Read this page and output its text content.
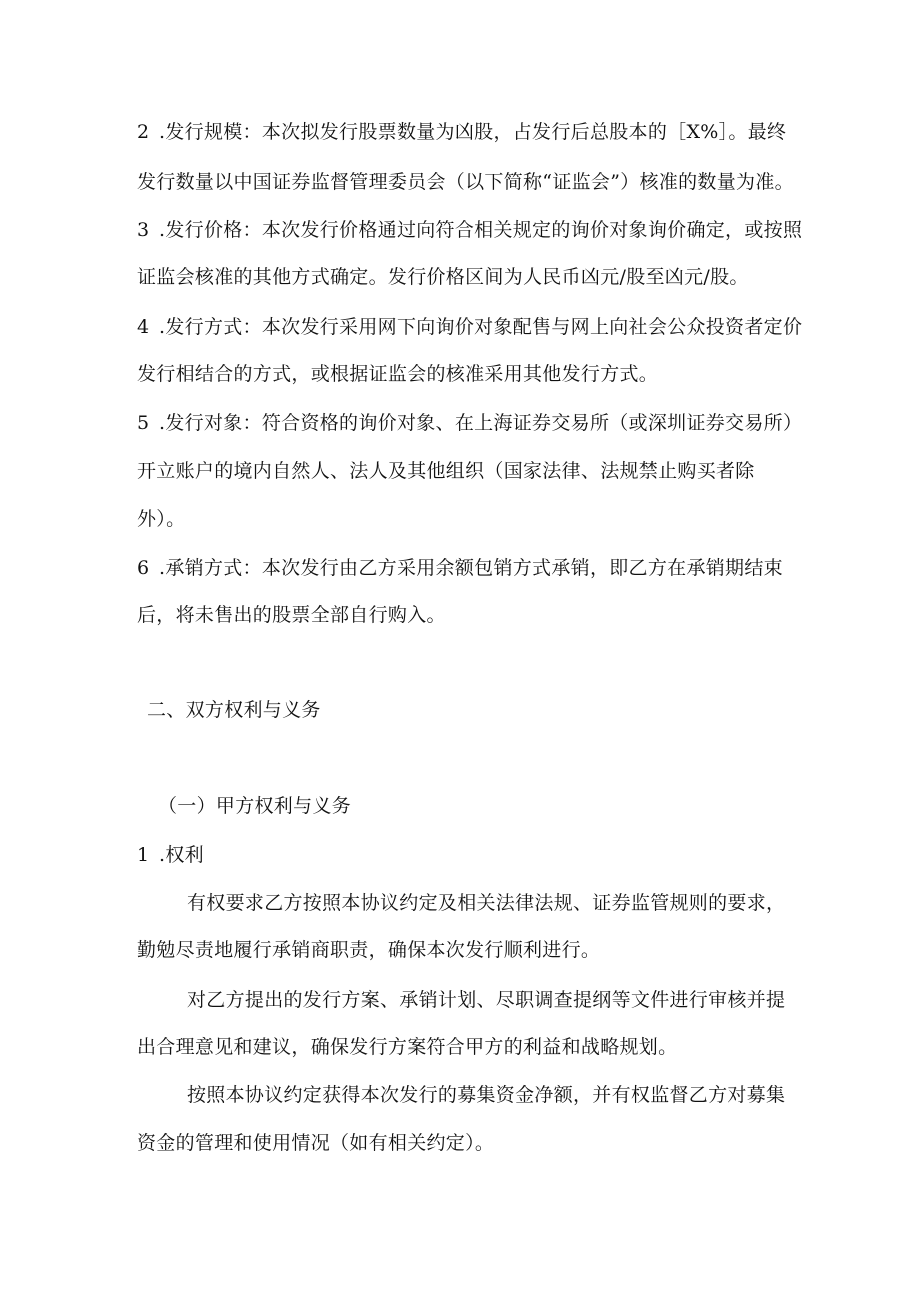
2 .发行规模：本次拟发行股票数量为凶股，占发行后总股本的［X%］。最终
发行数量以中国证券监督管理委员会（以下简称“证监会”）核准的数量为准。
3 .发行价格：本次发行价格通过向符合相关规定的询价对象询价确定，或按照
证监会核准的其他方式确定。发行价格区间为人民币凶元/股至凶元/股。
4 .发行方式：本次发行采用网下向询价对象配售与网上向社会公众投资者定价
发行相结合的方式，或根据证监会的核准采用其他发行方式。
5 .发行对象：符合资格的询价对象、在上海证券交易所（或深圳证券交易所）
开立账户的境内自然人、法人及其他组织（国家法律、法规禁止购买者除
外）。
6 .承销方式：本次发行由乙方采用余额包销方式承销，即乙方在承销期结束
后，将未售出的股票全部自行购入。
二、双方权利与义务
（一）甲方权利与义务
1 .权利
有权要求乙方按照本协议约定及相关法律法规、证券监管规则的要求，
勤勉尽责地履行承销商职责，确保本次发行顺利进行。
对乙方提出的发行方案、承销计划、尽职调查提纲等文件进行审核并提
出合理意见和建议，确保发行方案符合甲方的利益和战略规划。
按照本协议约定获得本次发行的募集资金净额，并有权监督乙方对募集
资金的管理和使用情况（如有相关约定）。
